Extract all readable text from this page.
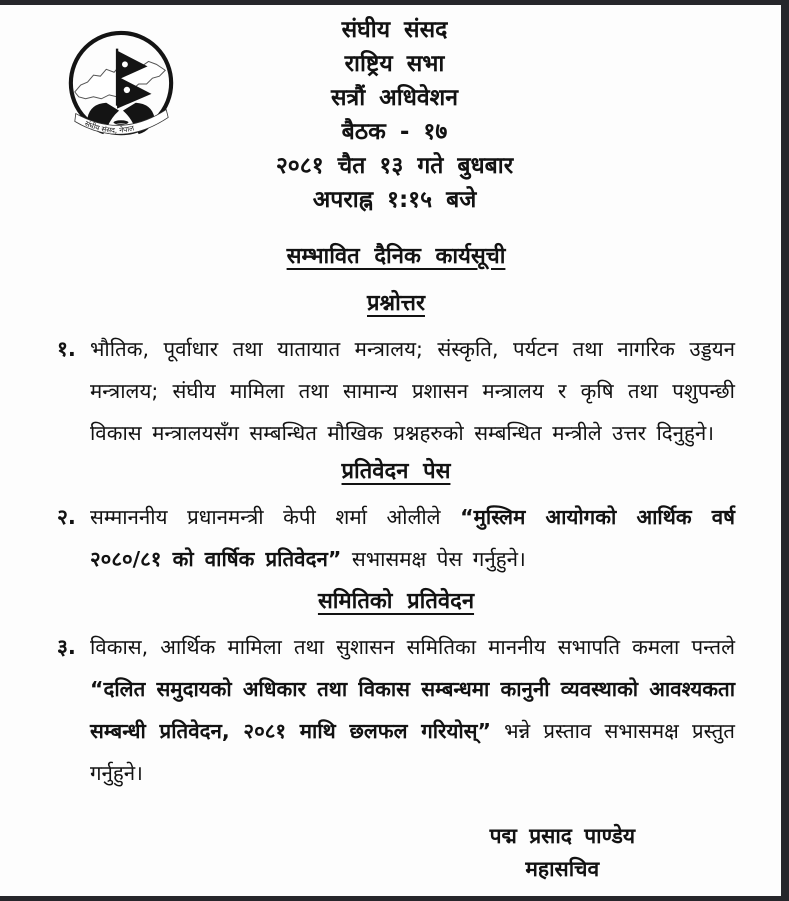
संघीय संसद, नेपाल
संघीय संसद
राष्ट्रिय सभा
सत्रौं अधिवेशन
बैठक - १७
२०८१ चैत १३ गते बुधबार
अपराह्न १:१५ बजे
सम्भावित दैनिक कार्यसूची
प्रश्नोत्तर
१. भौतिक, पूर्वाधार तथा यातायात मन्त्रालय; संस्कृति, पर्यटन तथा नागरिक उड्डयन मन्त्रालय; संघीय मामिला तथा सामान्य प्रशासन मन्त्रालय र कृषि तथा पशुपन्छी विकास मन्त्रालयसँग सम्बन्धित मौखिक प्रश्नहरुको सम्बन्धित मन्त्रीले उत्तर दिनुहुने।

प्रतिवेदन पेस
२. सम्माननीय प्रधानमन्त्री केपी शर्मा ओलीले “मुस्लिम आयोगको आर्थिक वर्ष २०८०/८१ को वार्षिक प्रतिवेदन” सभासमक्ष पेस गर्नुहुने।

समितिको प्रतिवेदन
३. विकास, आर्थिक मामिला तथा सुशासन समितिका माननीय सभापति कमला पन्तले “दलित समुदायको अधिकार तथा विकास सम्बन्धमा कानुनी व्यवस्थाको आवश्यकता सम्बन्धी प्रतिवेदन, २०८१ माथि छलफल गरियोस्” भन्ने प्रस्ताव सभासमक्ष प्रस्तुत गर्नुहुने।

पद्म प्रसाद पाण्डेय
महासचिव
